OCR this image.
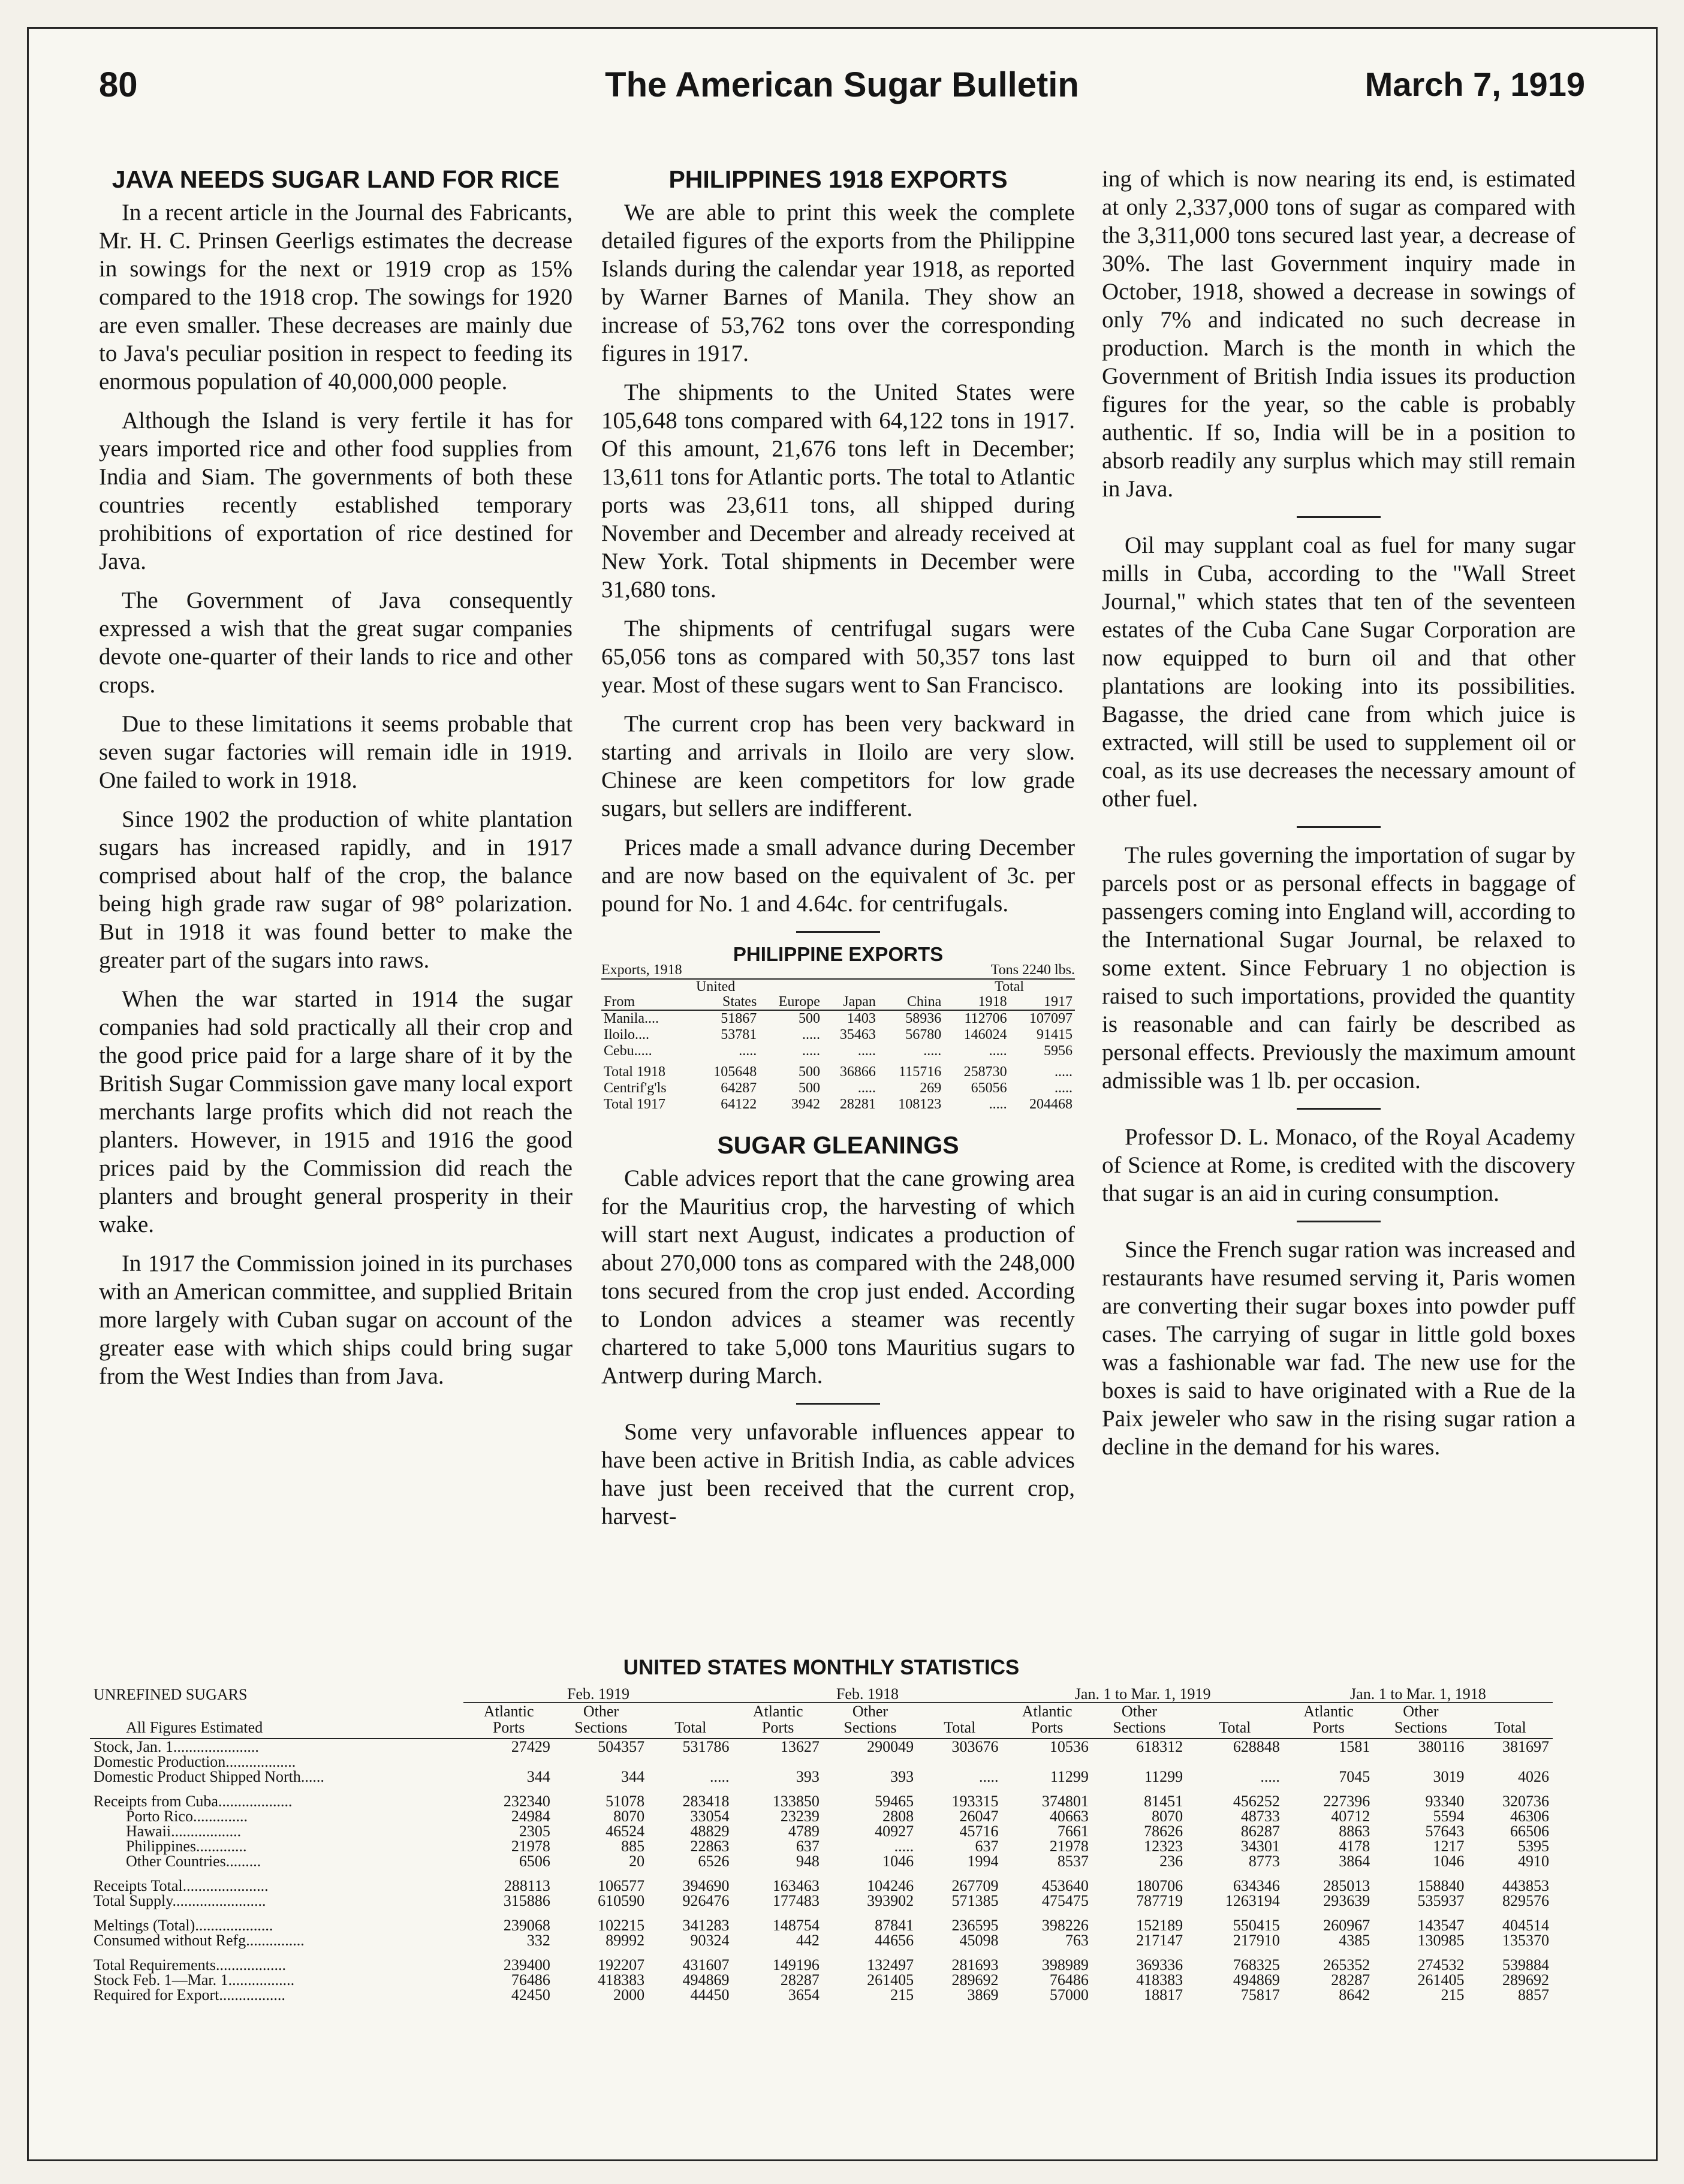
80	The American Sugar Bulletin	March 7, 1919
JAVA NEEDS SUGAR LAND FOR RICE

In a recent article in the Journal des Fabricants, Mr. H. C. Prinsen Geerligs estimates the decrease in sowings for the next or 1919 crop as 15% compared to the 1918 crop. The sowings for 1920 are even smaller. These decreases are mainly due to Java's peculiar position in respect to feeding its enormous population of 40,000,000 people.

Although the Island is very fertile it has for years imported rice and other food supplies from India and Siam. The governments of both these countries recently established temporary prohibitions of exportation of rice destined for Java.

The Government of Java consequently expressed a wish that the great sugar companies devote one-quarter of their lands to rice and other crops.

Due to these limitations it seems probable that seven sugar factories will remain idle in 1919. One failed to work in 1918.

Since 1902 the production of white plantation sugars has increased rapidly, and in 1917 comprised about half of the crop, the balance being high grade raw sugar of 98° polarization. But in 1918 it was found better to make the greater part of the sugars into raws.

When the war started in 1914 the sugar companies had sold practically all their crop and the good price paid for a large share of it by the British Sugar Commission gave many local export merchants large profits which did not reach the planters. However, in 1915 and 1916 the good prices paid by the Commission did reach the planters and brought general prosperity in their wake.

In 1917 the Commission joined in its purchases with an American committee, and supplied Britain more largely with Cuban sugar on account of the greater ease with which ships could bring sugar from the West Indies than from Java.

PHILIPPINES 1918 EXPORTS

We are able to print this week the complete detailed figures of the exports from the Philippine Islands during the calendar year 1918, as reported by Warner Barnes of Manila. They show an increase of 53,762 tons over the corresponding figures in 1917.

The shipments to the United States were 105,648 tons compared with 64,122 tons in 1917. Of this amount, 21,676 tons left in December; 13,611 tons for Atlantic ports. The total to Atlantic ports was 23,611 tons, all shipped during November and December and already received at New York. Total shipments in December were 31,680 tons.

The shipments of centrifugal sugars were 65,056 tons as compared with 50,357 tons last year. Most of these sugars went to San Francisco.

The current crop has been very backward in starting and arrivals in Iloilo are very slow. Chinese are keen competitors for low grade sugars, but sellers are indifferent.

Prices made a small advance during December and are now based on the equivalent of 3c. per pound for No. 1 and 4.64c. for centrifugals.

PHILIPPINE EXPORTS
Exports, 1918	Tons 2240 lbs.
	United				Total	
From	States	Europe	Japan	China	1918	1917
Manila....	51867	500	1403	58936	112706	107097
Iloilo....	53781	.....	35463	56780	146024	91415
Cebu.....	.....	.....	.....	.....	.....	5956
Total 1918	105648	500	36866	115716	258730	.....
Centrif'g'ls	64287	500	.....	269	65056	.....
Total 1917	64122	3942	28281	108123	.....	204468
SUGAR GLEANINGS

Cable advices report that the cane growing area for the Mauritius crop, the harvesting of which will start next August, indicates a production of about 270,000 tons as compared with the 248,000 tons secured from the crop just ended. According to London advices a steamer was recently chartered to take 5,000 tons Mauritius sugars to Antwerp during March.

Some very unfavorable influences appear to have been active in British India, as cable advices have just been received that the current crop, harvest-

ing of which is now nearing its end, is estimated at only 2,337,000 tons of sugar as compared with the 3,311,000 tons secured last year, a decrease of 30%. The last Government inquiry made in October, 1918, showed a decrease in sowings of only 7% and indicated no such decrease in production. March is the month in which the Government of British India issues its production figures for the year, so the cable is probably authentic. If so, India will be in a position to absorb readily any surplus which may still remain in Java.

Oil may supplant coal as fuel for many sugar mills in Cuba, according to the "Wall Street Journal," which states that ten of the seventeen estates of the Cuba Cane Sugar Corporation are now equipped to burn oil and that other plantations are looking into its possibilities. Bagasse, the dried cane from which juice is extracted, will still be used to supplement oil or coal, as its use decreases the necessary amount of other fuel.

The rules governing the importation of sugar by parcels post or as personal effects in baggage of passengers coming into England will, according to the International Sugar Journal, be relaxed to some extent. Since February 1 no objection is raised to such importations, provided the quantity is reasonable and can fairly be described as personal effects. Previously the maximum amount admissible was 1 lb. per occasion.

Professor D. L. Monaco, of the Royal Academy of Science at Rome, is credited with the discovery that sugar is an aid in curing consumption.

Since the French sugar ration was increased and restaurants have resumed serving it, Paris women are converting their sugar boxes into powder puff cases. The carrying of sugar in little gold boxes was a fashionable war fad. The new use for the boxes is said to have originated with a Rue de la Paix jeweler who saw in the rising sugar ration a decline in the demand for his wares.

UNITED STATES MONTHLY STATISTICS
UNREFINED SUGARS	Feb. 1919			Feb. 1918			Jan. 1 to Mar. 1, 1919			Jan. 1 to Mar. 1, 1918		
	Atlantic	Other		Atlantic	Other		Atlantic	Other		Atlantic	Other	
All Figures Estimated	Ports	Sections	Total	Ports	Sections	Total	Ports	Sections	Total	Ports	Sections	Total
Stock, Jan. 1......................	27429	504357	531786	13627	290049	303676	10536	618312	628848	1581	380116	381697
Domestic Production..................												
Domestic Product Shipped North......	344	344	.....	393	393	.....	11299	11299	.....	7045	3019	4026
Receipts from Cuba...................	232340	51078	283418	133850	59465	193315	374801	81451	456252	227396	93340	320736
Porto Rico..............	24984	8070	33054	23239	2808	26047	40663	8070	48733	40712	5594	46306
Hawaii..................	2305	46524	48829	4789	40927	45716	7661	78626	86287	8863	57643	66506
Philippines.............	21978	885	22863	637	.....	637	21978	12323	34301	4178	1217	5395
Other Countries.........	6506	20	6526	948	1046	1994	8537	236	8773	3864	1046	4910
Receipts Total......................	288113	106577	394690	163463	104246	267709	453640	180706	634346	285013	158840	443853
Total Supply........................	315886	610590	926476	177483	393902	571385	475475	787719	1263194	293639	535937	829576
Meltings (Total)....................	239068	102215	341283	148754	87841	236595	398226	152189	550415	260967	143547	404514
Consumed without Refg...............	332	89992	90324	442	44656	45098	763	217147	217910	4385	130985	135370
Total Requirements..................	239400	192207	431607	149196	132497	281693	398989	369336	768325	265352	274532	539884
Stock Feb. 1—Mar. 1.................	76486	418383	494869	28287	261405	289692	76486	418383	494869	28287	261405	289692
Required for Export.................	42450	2000	44450	3654	215	3869	57000	18817	75817	8642	215	8857
